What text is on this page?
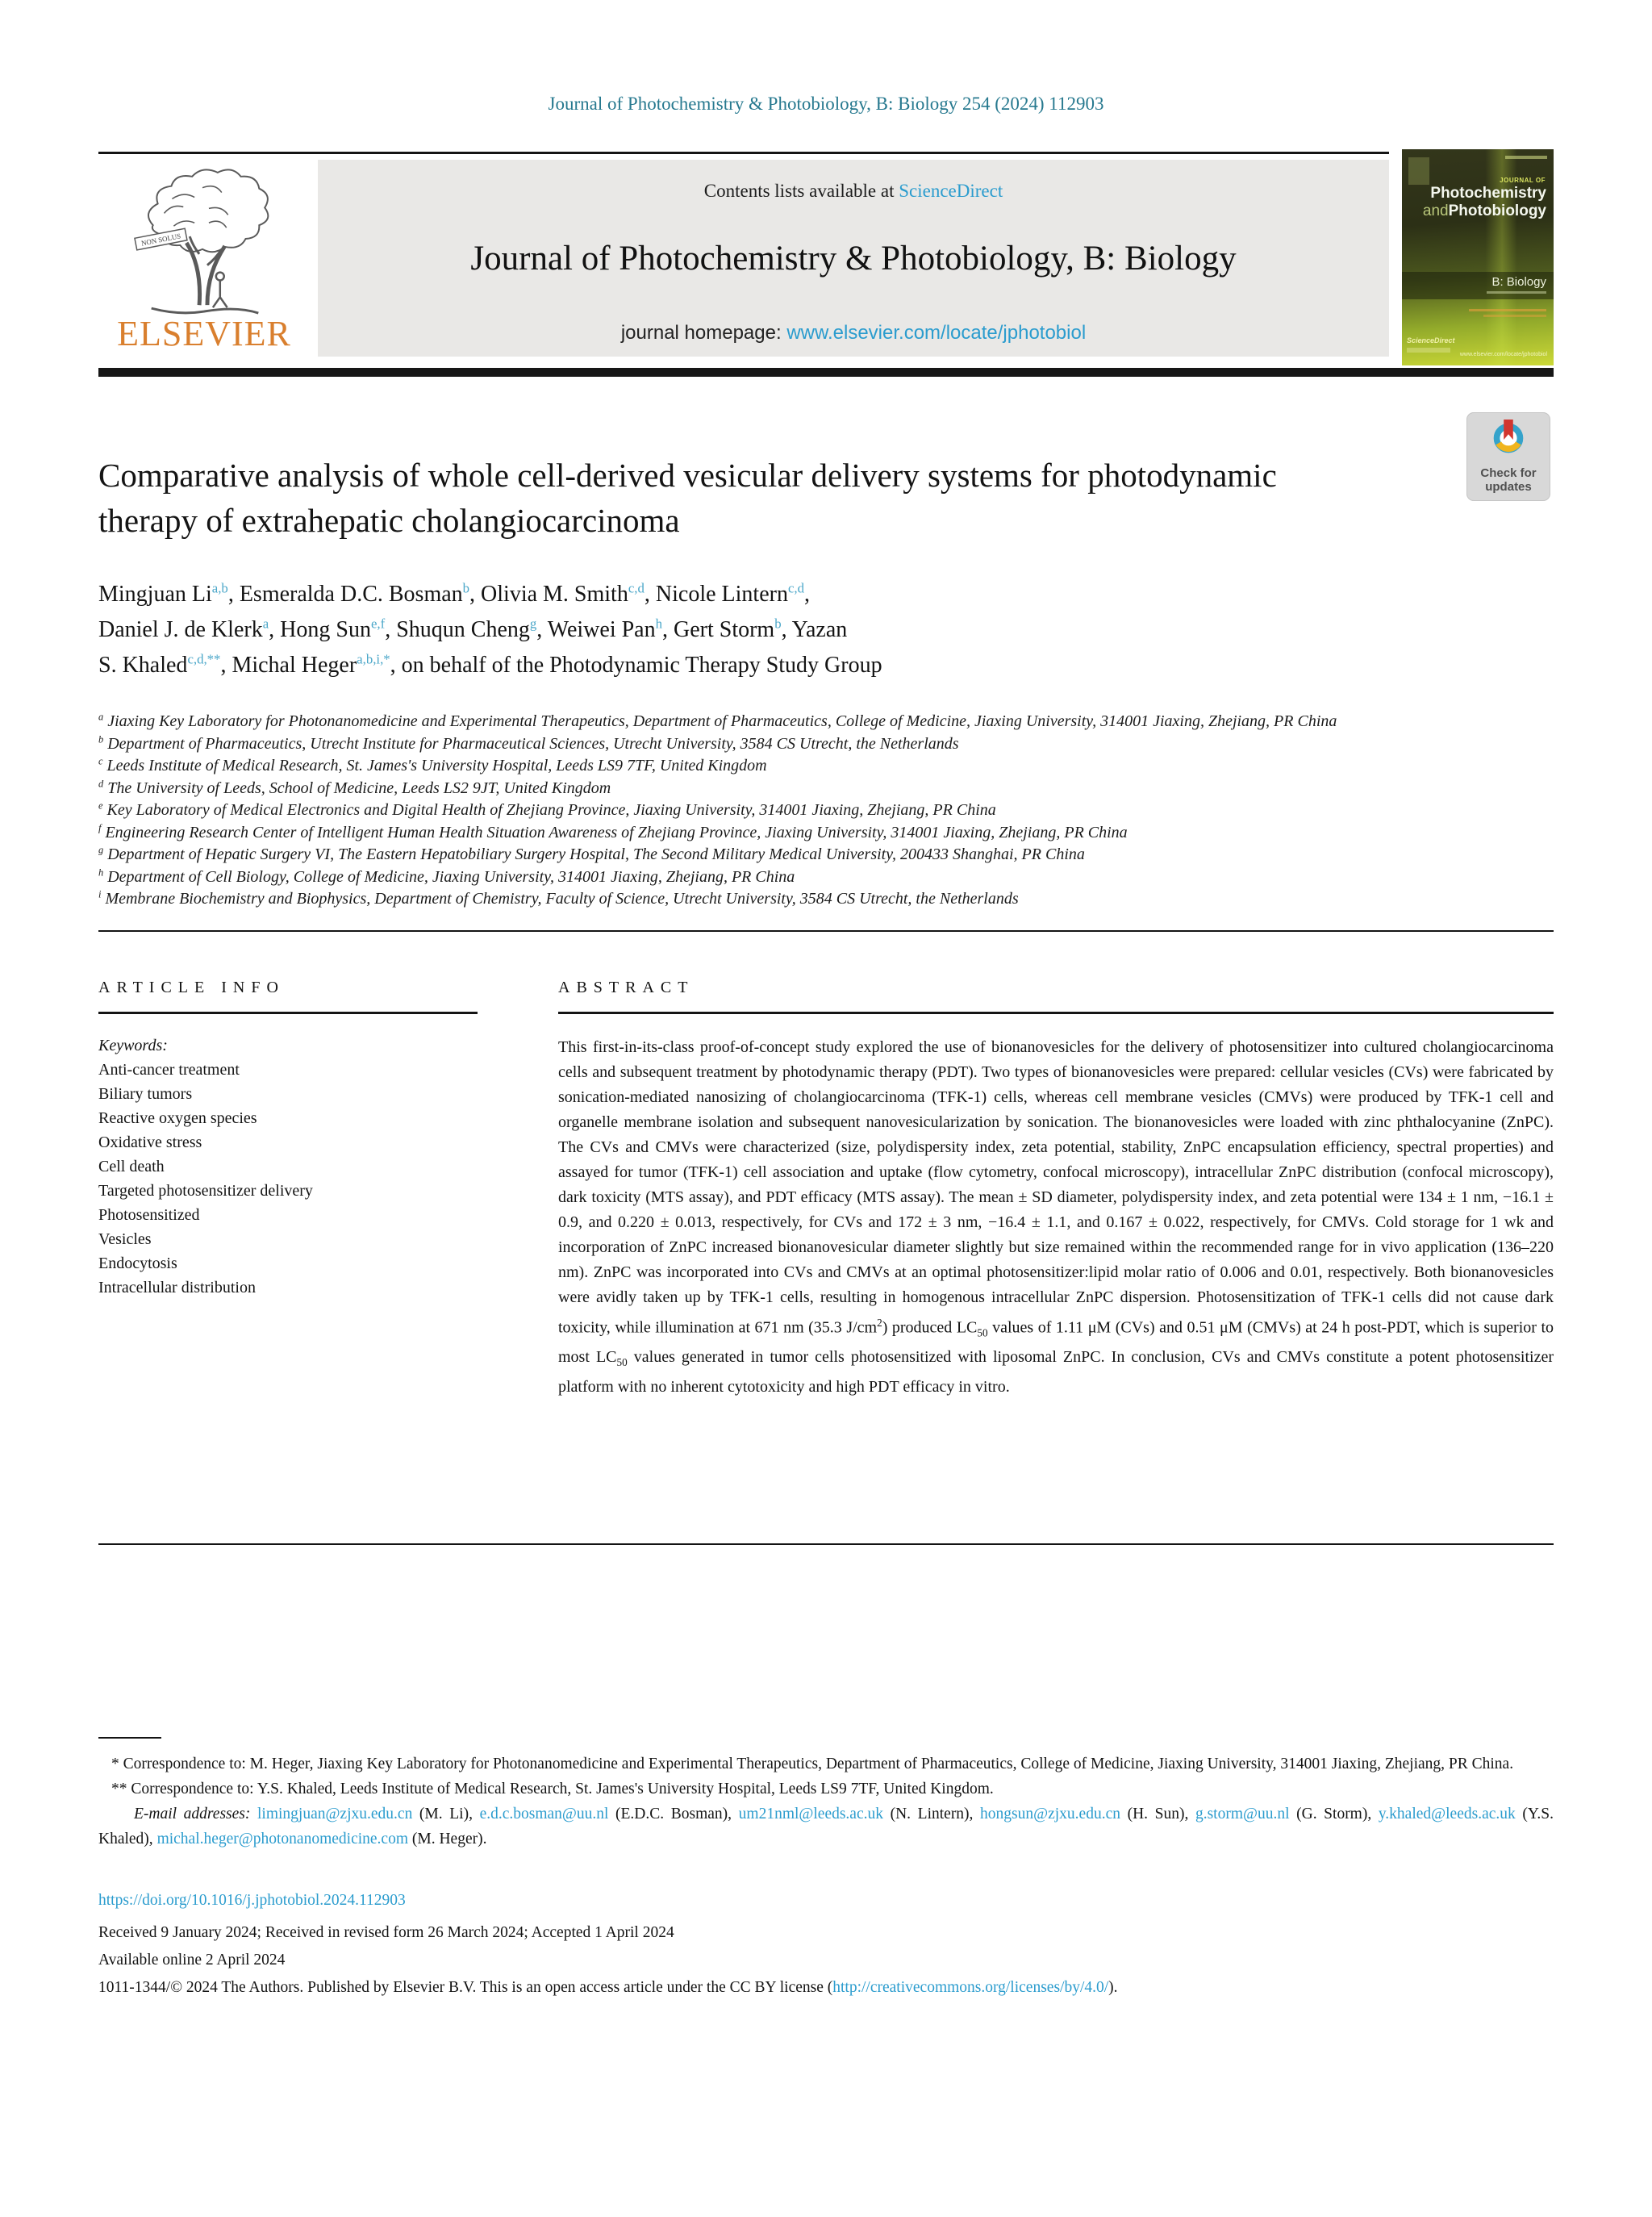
Journal of Photochemistry & Photobiology, B: Biology 254 (2024) 112903
NON SOLUS
ELSEVIER
Contents lists available at ScienceDirect
Journal of Photochemistry & Photobiology, B: Biology
journal homepage: www.elsevier.com/locate/jphotobiol
JOURNAL OF
Photochemistry
andPhotobiology
B: Biology
ScienceDirect
www.elsevier.com/locate/jphotobiol
Check for
updates
Comparative analysis of whole cell-derived vesicular delivery systems for photodynamic therapy of extrahepatic cholangiocarcinoma
Mingjuan Li$^{a,b}$, Esmeralda D.C. Bosman$^b$, Olivia M. Smith$^{c,d}$, Nicole Lintern$^{c,d}$,
Daniel J. de Klerk$^a$, Hong Sun$^{e,f}$, Shuqun Cheng$^g$, Weiwei Pan$^h$, Gert Storm$^b$, Yazan
S. Khaled$^{c,d,**}$, Michal Heger$^{a,b,i,*}$, on behalf of the Photodynamic Therapy Study Group
$^a$ Jiaxing Key Laboratory for Photonanomedicine and Experimental Therapeutics, Department of Pharmaceutics, College of Medicine, Jiaxing University, 314001 Jiaxing, Zhejiang, PR China
$^b$ Department of Pharmaceutics, Utrecht Institute for Pharmaceutical Sciences, Utrecht University, 3584 CS Utrecht, the Netherlands
$^c$ Leeds Institute of Medical Research, St. James's University Hospital, Leeds LS9 7TF, United Kingdom
$^d$ The University of Leeds, School of Medicine, Leeds LS2 9JT, United Kingdom
$^e$ Key Laboratory of Medical Electronics and Digital Health of Zhejiang Province, Jiaxing University, 314001 Jiaxing, Zhejiang, PR China
$^f$ Engineering Research Center of Intelligent Human Health Situation Awareness of Zhejiang Province, Jiaxing University, 314001 Jiaxing, Zhejiang, PR China
$^g$ Department of Hepatic Surgery VI, The Eastern Hepatobiliary Surgery Hospital, The Second Military Medical University, 200433 Shanghai, PR China
$^h$ Department of Cell Biology, College of Medicine, Jiaxing University, 314001 Jiaxing, Zhejiang, PR China
$^i$ Membrane Biochemistry and Biophysics, Department of Chemistry, Faculty of Science, Utrecht University, 3584 CS Utrecht, the Netherlands
ARTICLE INFO
Keywords:
Anti-cancer treatment
Biliary tumors
Reactive oxygen species
Oxidative stress
Cell death
Targeted photosensitizer delivery
Photosensitized
Vesicles
Endocytosis
Intracellular distribution
ABSTRACT

This first-in-its-class proof-of-concept study explored the use of bionanovesicles for the delivery of photosensitizer into cultured cholangiocarcinoma cells and subsequent treatment by photodynamic therapy (PDT). Two types of bionanovesicles were prepared: cellular vesicles (CVs) were fabricated by sonication-mediated nanosizing of cholangiocarcinoma (TFK-1) cells, whereas cell membrane vesicles (CMVs) were produced by TFK-1 cell and organelle membrane isolation and subsequent nanovesicularization by sonication. The bionanovesicles were loaded with zinc phthalocyanine (ZnPC). The CVs and CMVs were characterized (size, polydispersity index, zeta potential, stability, ZnPC encapsulation efficiency, spectral properties) and assayed for tumor (TFK-1) cell association and uptake (flow cytometry, confocal microscopy), intracellular ZnPC distribution (confocal microscopy), dark toxicity (MTS assay), and PDT efficacy (MTS assay). The mean ± SD diameter, polydispersity index, and zeta potential were 134 ± 1 nm, −16.1 ± 0.9, and 0.220 ± 0.013, respectively, for CVs and 172 ± 3 nm, −16.4 ± 1.1, and 0.167 ± 0.022, respectively, for CMVs. Cold storage for 1 wk and incorporation of ZnPC increased bionanovesicular diameter slightly but size remained within the recommended range for in vivo application (136–220 nm). ZnPC was incorporated into CVs and CMVs at an optimal photosensitizer:lipid molar ratio of 0.006 and 0.01, respectively. Both bionanovesicles were avidly taken up by TFK-1 cells, resulting in homogenous intracellular ZnPC dispersion. Photosensitization of TFK-1 cells did not cause dark toxicity, while illumination at 671 nm (35.3 $J/cm^2$) produced $LC_{50}$ values of 1.11 μM (CVs) and 0.51 μM (CMVs) at 24 h post-PDT, which is superior to most $LC_{50}$ values generated in tumor cells photosensitized with liposomal ZnPC. In conclusion, CVs and CMVs constitute a potent photosensitizer platform with no inherent cytotoxicity and high PDT efficacy in vitro.

* Correspondence to: M. Heger, Jiaxing Key Laboratory for Photonanomedicine and Experimental Therapeutics, Department of Pharmaceutics, College of Medicine, Jiaxing University, 314001 Jiaxing, Zhejiang, PR China.
** Correspondence to: Y.S. Khaled, Leeds Institute of Medical Research, St. James's University Hospital, Leeds LS9 7TF, United Kingdom.
E-mail addresses: limingjuan@zjxu.edu.cn (M. Li), e.d.c.bosman@uu.nl (E.D.C. Bosman), um21nml@leeds.ac.uk (N. Lintern), hongsun@zjxu.edu.cn (H. Sun), g.storm@uu.nl (G. Storm), y.khaled@leeds.ac.uk (Y.S. Khaled), michal.heger@photonanomedicine.com (M. Heger).
https://doi.org/10.1016/j.jphotobiol.2024.112903
Received 9 January 2024; Received in revised form 26 March 2024; Accepted 1 April 2024
Available online 2 April 2024
1011-1344/© 2024 The Authors. Published by Elsevier B.V. This is an open access article under the CC BY license (http://creativecommons.org/licenses/by/4.0/).
